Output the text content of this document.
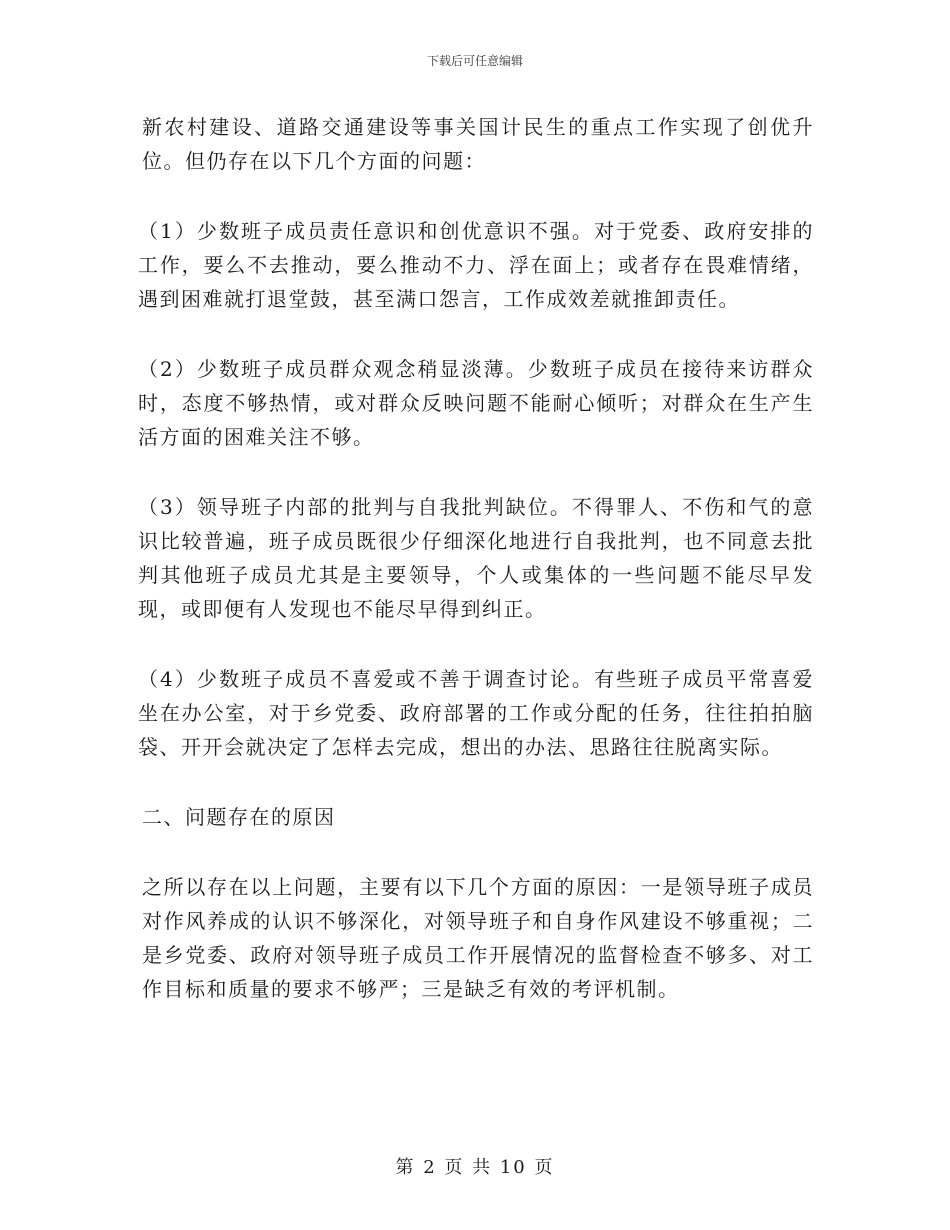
下载后可任意编辑

新农村建设、道路交通建设等事关国计民生的重点工作实现了创优升位。但仍存在以下几个方面的问题：

（1）少数班子成员责任意识和创优意识不强。对于党委、政府安排的工作，要么不去推动，要么推动不力、浮在面上；或者存在畏难情绪，遇到困难就打退堂鼓，甚至满口怨言，工作成效差就推卸责任。

（2）少数班子成员群众观念稍显淡薄。少数班子成员在接待来访群众时，态度不够热情，或对群众反映问题不能耐心倾听；对群众在生产生活方面的困难关注不够。

（3）领导班子内部的批判与自我批判缺位。不得罪人、不伤和气的意识比较普遍，班子成员既很少仔细深化地进行自我批判，也不同意去批判其他班子成员尤其是主要领导，个人或集体的一些问题不能尽早发现，或即便有人发现也不能尽早得到纠正。

（4）少数班子成员不喜爱或不善于调查讨论。有些班子成员平常喜爱坐在办公室，对于乡党委、政府部署的工作或分配的任务，往往拍拍脑袋、开开会就决定了怎样去完成，想出的办法、思路往往脱离实际。

二、问题存在的原因

之所以存在以上问题，主要有以下几个方面的原因：一是领导班子成员对作风养成的认识不够深化，对领导班子和自身作风建设不够重视；二是乡党委、政府对领导班子成员工作开展情况的监督检查不够多、对工作目标和质量的要求不够严；三是缺乏有效的考评机制。

第 2 页 共 10 页
